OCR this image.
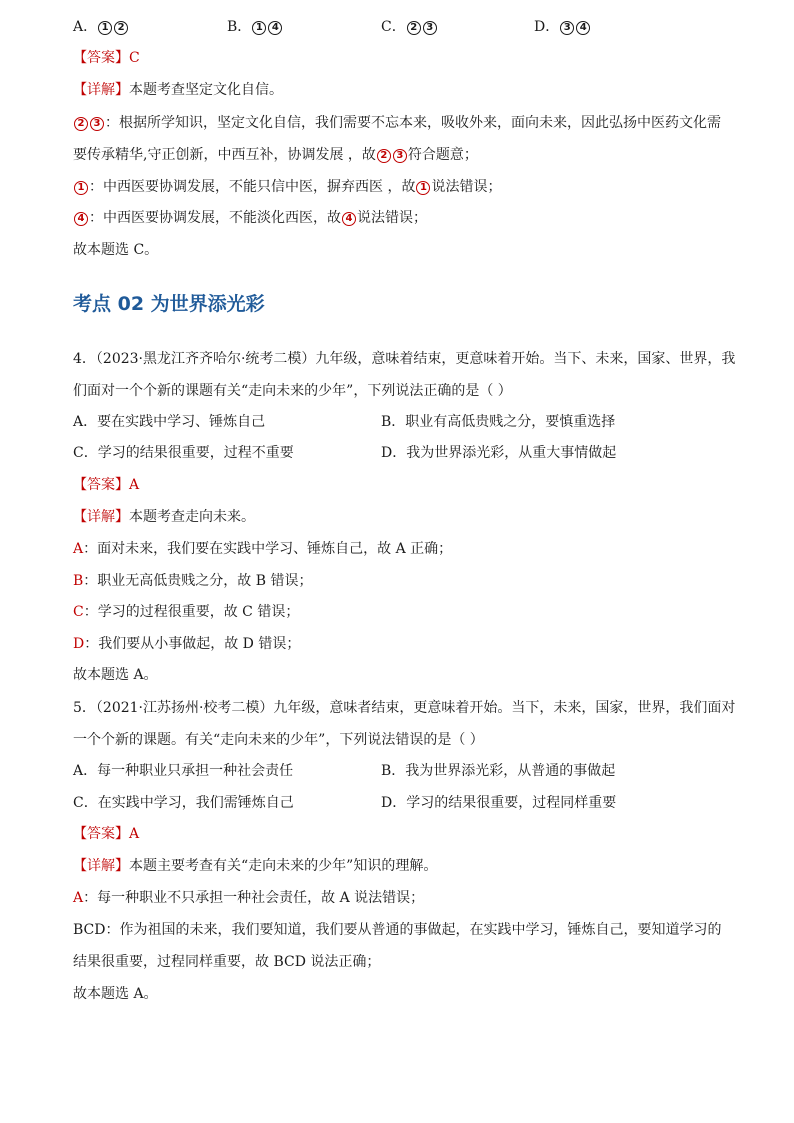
A． 1 2	B． 1 4	C． 2 3	D． 3 4
【答案】C
【详解】本题考查坚定文化自信。
2 3 ：根据所学知识，坚定文化自信，我们需要不忘本来，吸收外来，面向未来，因此弘扬中医药文化需
要传承精华,守正创新，中西互补，协调发展 ，故 2 3 符合题意；
1 ：中西医要协调发展，不能只信中医，摒弃西医 ，故 1 说法错误；
4 ：中西医要协调发展，不能淡化西医，故 4 说法错误；
故本题选 C。
考点 02 为世界添光彩
4．（2023·黑龙江齐齐哈尔·统考二模）九年级，意味着结束，更意味着开始。当下、未来，国家、世界，我
们面对一个个新的课题有关“走向未来的少年”，下列说法正确的是（ ）
A．要在实践中学习、锤炼自己	B．职业有高低贵贱之分，要慎重选择
C．学习的结果很重要，过程不重要	D．我为世界添光彩，从重大事情做起
【答案】A
【详解】本题考查走向未来。
A：面对未来，我们要在实践中学习、锤炼自己，故 A 正确；
B：职业无高低贵贱之分，故 B 错误；
C：学习的过程很重要，故 C 错误；
D：我们要从小事做起，故 D 错误；
故本题选 A。
5．（2021·江苏扬州·校考二模）九年级，意味者结束，更意味着开始。当下，未来，国家，世界，我们面对
一个个新的课题。有关“走向未来的少年”，下列说法错误的是（ ）
A．每一种职业只承担一种社会责任	B．我为世界添光彩，从普通的事做起
C．在实践中学习，我们需锤炼自己	D．学习的结果很重要，过程同样重要
【答案】A
【详解】本题主要考查有关“走向未来的少年”知识的理解。
A：每一种职业不只承担一种社会责任，故 A 说法错误；
BCD：作为祖国的未来，我们要知道，我们要从普通的事做起，在实践中学习，锤炼自己，要知道学习的
结果很重要，过程同样重要，故 BCD 说法正确；
故本题选 A。
